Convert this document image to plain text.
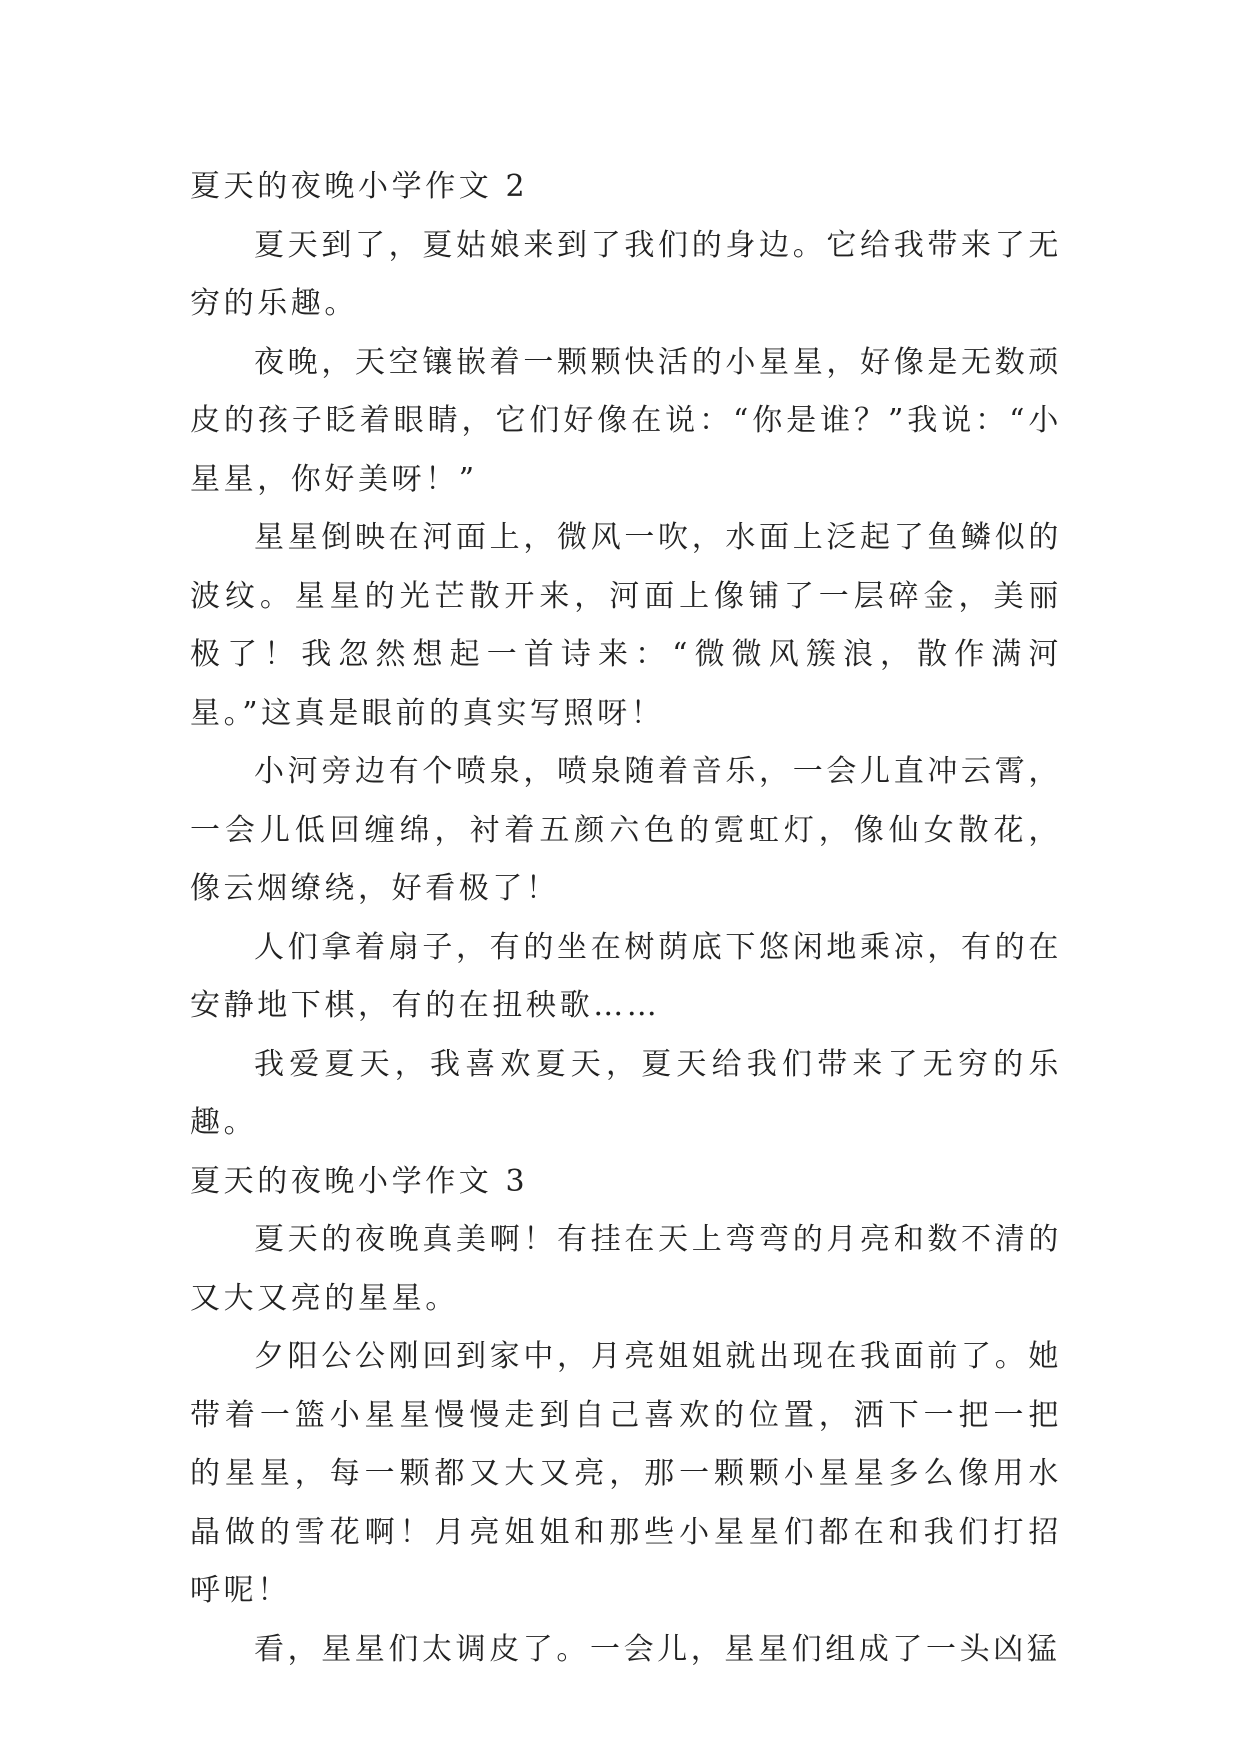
夏天的夜晚小学作文 2

夏天到了，夏姑娘来到了我们的身边。它给我带来了无穷的乐趣。

夜晚，天空镶嵌着一颗颗快活的小星星，好像是无数顽皮的孩子眨着眼睛，它们好像在说：“你是谁？”我说：“小星星，你好美呀！”

星星倒映在河面上，微风一吹，水面上泛起了鱼鳞似的波纹。星星的光芒散开来，河面上像铺了一层碎金，美丽极了！我忽然想起一首诗来：“微微风簇浪，散作满河星。”这真是眼前的真实写照呀！

小河旁边有个喷泉，喷泉随着音乐，一会儿直冲云霄，一会儿低回缠绵，衬着五颜六色的霓虹灯，像仙女散花，像云烟缭绕，好看极了！

人们拿着扇子，有的坐在树荫底下悠闲地乘凉，有的在安静地下棋，有的在扭秧歌……

我爱夏天，我喜欢夏天，夏天给我们带来了无穷的乐趣。

夏天的夜晚小学作文 3

夏天的夜晚真美啊！有挂在天上弯弯的月亮和数不清的又大又亮的星星。

夕阳公公刚回到家中，月亮姐姐就出现在我面前了。她带着一篮小星星慢慢走到自己喜欢的位置，洒下一把一把的星星，每一颗都又大又亮，那一颗颗小星星多么像用水晶做的雪花啊！月亮姐姐和那些小星星们都在和我们打招呼呢！

看，星星们太调皮了。一会儿，星星们组成了一头凶猛
